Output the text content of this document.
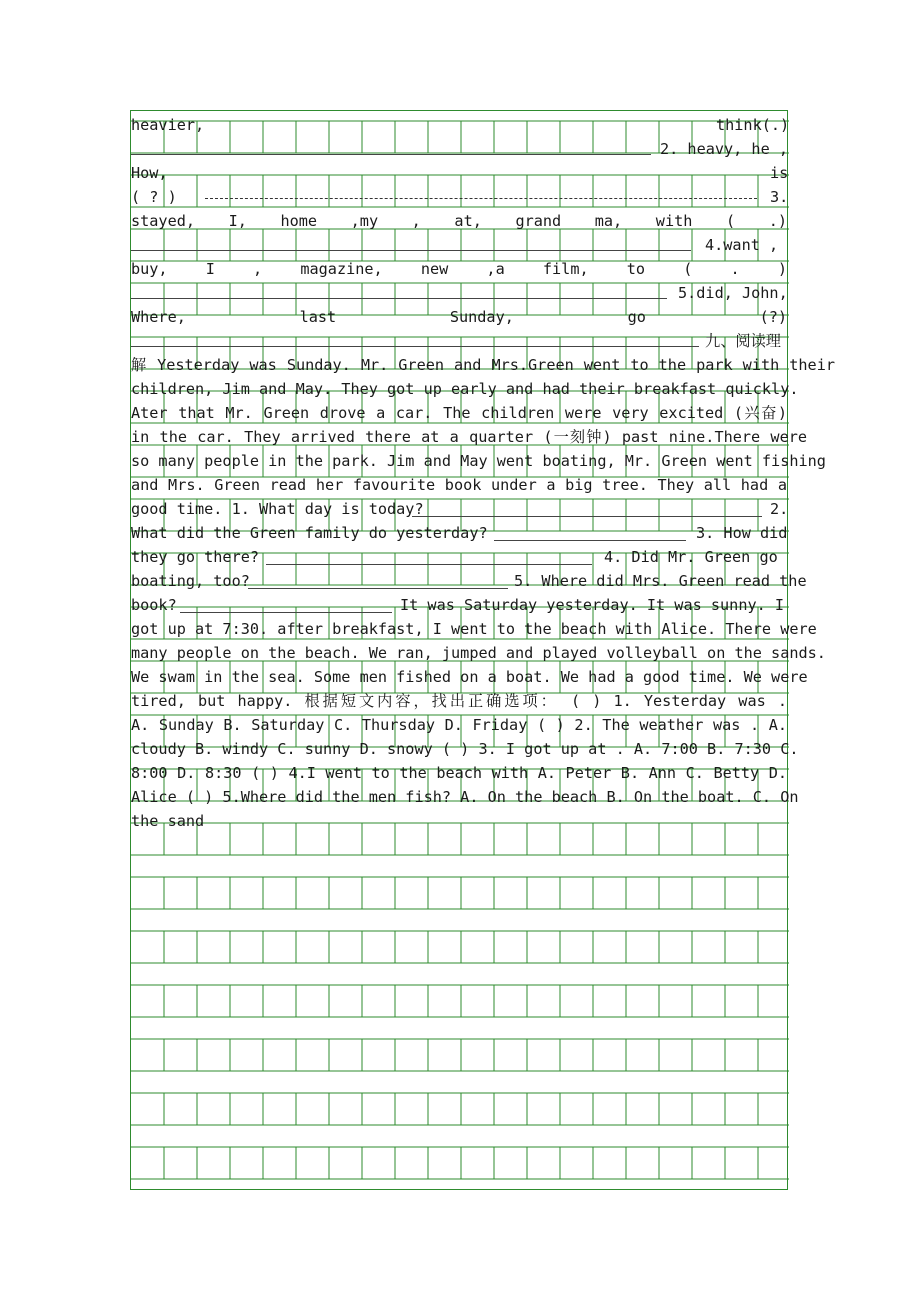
heavier,	think(.)
2. heavy, he ,
How,	is
( ? )	3.
stayed,  I,  home  ,my  ,  at,  grand  ma,  with  (  .)
4.want ,
buy,  I  ,  magazine,  new  ,a  film,  to  (  .  )
5.did, John,
Where,  last  Sunday,  go  (?)
九、阅读理
解 Yesterday was Sunday. Mr. Green and Mrs.Green went to the park with their
children, Jim and May. They got up early and had their breakfast quickly.
Ater that Mr. Green drove a car. The children were very excited (兴奋)
in the car. They arrived there at a quarter (一刻钟) past nine.There were
so many people in the park. Jim and May went boating, Mr. Green went fishing
and Mrs. Green read her favourite book under a big tree. They all had a
good time. 1. What day is today?	2.
What did the Green family do yesterday?	3. How did
they go there?	4. Did Mr. Green go
boating, too?	5. Where did Mrs. Green read the
book?	It was Saturday yesterday. It was sunny. I
got up at 7:30. after breakfast, I went to the beach with Alice. There were
many people on the beach. We ran, jumped and played volleyball on the sands.
We swam in the sea. Some men fished on a boat. We had a good time. We were
tired, but happy. 根据短文内容，找出正确选项： ( ) 1. Yesterday was .
A. Sunday B. Saturday C. Thursday D. Friday ( ) 2. The weather was . A.
cloudy B. windy C. sunny D. snowy ( ) 3. I got up at . A. 7:00 B. 7:30 C.
8:00 D. 8:30 ( ) 4.I went to the beach with A. Peter B. Ann C. Betty D.
Alice ( ) 5.Where did the men fish? A. On the beach B. On the boat. C. On
the sand
